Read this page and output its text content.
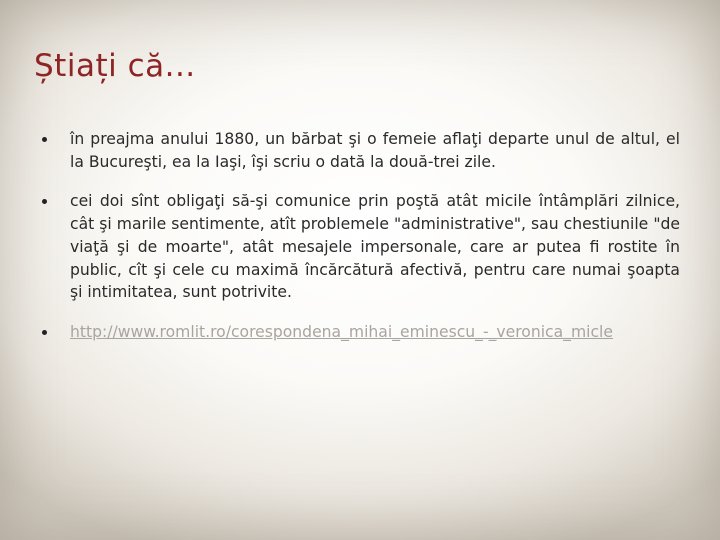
Știați că...
în preajma anului 1880, un bărbat şi o femeie aflaţi departe unul de altul, el la Bucureşti, ea la Iaşi, îşi scriu o dată la două-trei zile.
cei doi sînt obligaţi să-şi comunice prin poştă atât micile întâmplări zilnice, cât şi marile sentimente, atît problemele "administrative", sau chestiunile "de viaţă şi de moarte", atât mesajele impersonale, care ar putea fi rostite în public, cît şi cele cu maximă încărcătură afectivă, pentru care numai şoapta şi intimitatea, sunt potrivite.
http://www.romlit.ro/corespondena_mihai_eminescu_-_veronica_micle
